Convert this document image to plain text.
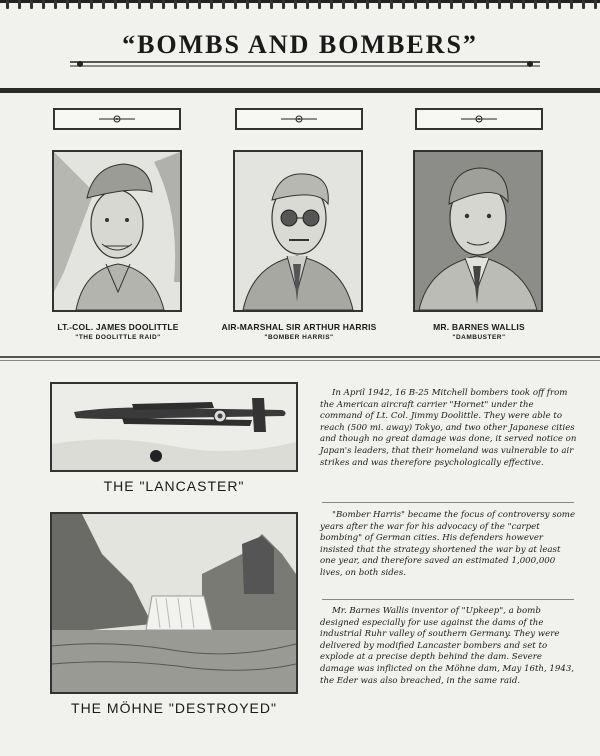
“BOMBS AND BOMBERS”
LT.-COL. JAMES DOOLITTLE
"THE DOOLITTLE RAID"
AIR-MARSHAL SIR ARTHUR HARRIS
"BOMBER HARRIS"
MR. BARNES WALLIS
"DAMBUSTER"
THE "LANCASTER"
THE MÖHNE "DESTROYED"

In April 1942, 16 B-25 Mitchell bombers took off from the American aircraft carrier "Hornet" under the command of Lt. Col. Jimmy Doolittle. They were able to reach (500 mi. away) Tokyo, and two other Japanese cities and though no great damage was done, it served notice on Japan's leaders, that their homeland was vulnerable to air strikes and was therefore psychologically effective.

"Bomber Harris" became the focus of controversy some years after the war for his advocacy of the "carpet bombing" of German cities. His defenders however insisted that the strategy shortened the war by at least one year, and therefore saved an estimated 1,000,000 lives, on both sides.

Mr. Barnes Wallis inventor of "Upkeep", a bomb designed especially for use against the dams of the industrial Ruhr valley of southern Germany. They were delivered by modified Lancaster bombers and set to explode at a precise depth behind the dam. Severe damage was inflicted on the Möhne dam, May 16th, 1943, the Eder was also breached, in the same raid.
